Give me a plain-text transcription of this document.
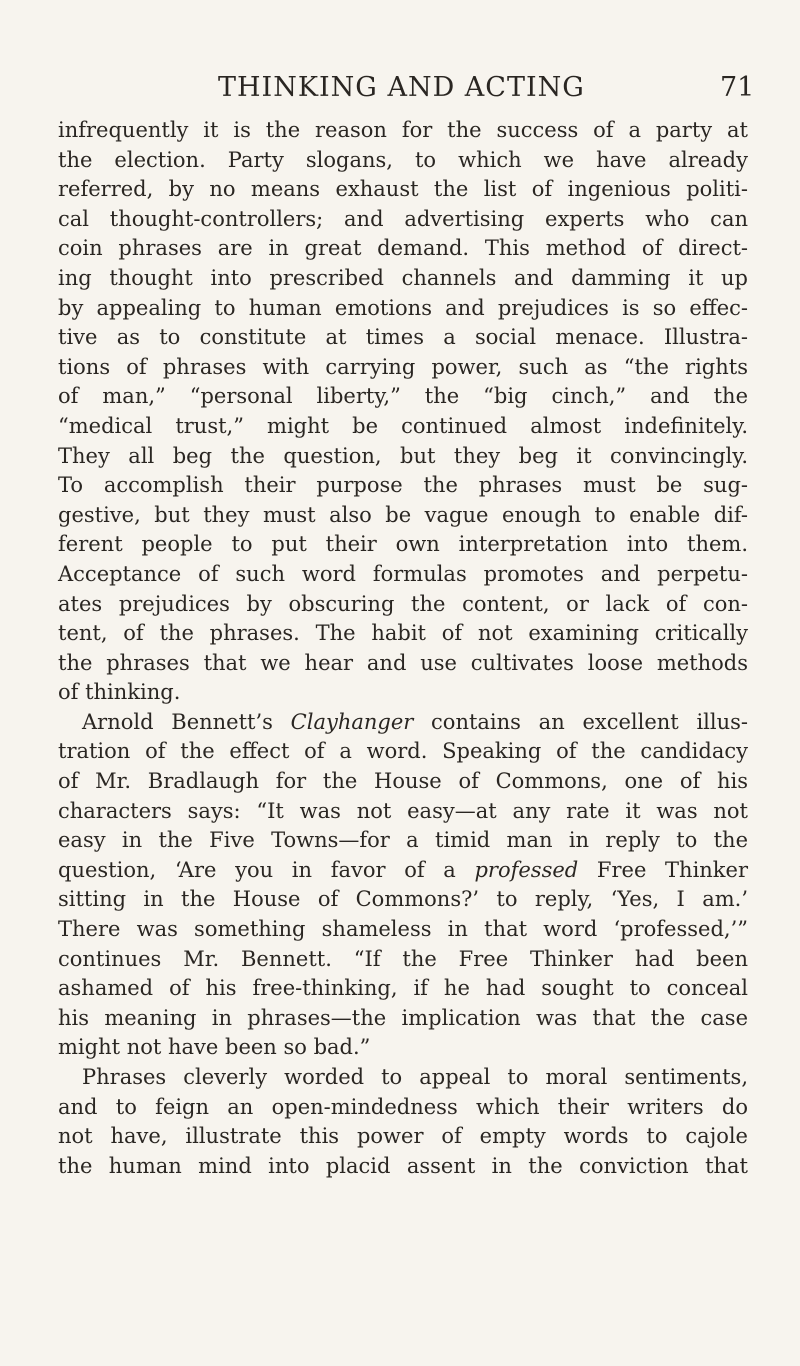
THINKING AND ACTING	71
infrequently it is the reason for the success of a party at
the election. Party slogans, to which we have already
referred, by no means exhaust the list of ingenious politi-
cal thought-controllers; and advertising experts who can
coin phrases are in great demand. This method of direct-
ing thought into prescribed channels and damming it up
by appealing to human emotions and prejudices is so effec-
tive as to constitute at times a social menace. Illustra-
tions of phrases with carrying power, such as “the rights
of man,” “personal liberty,” the “big cinch,” and the
“medical trust,” might be continued almost indefinitely.
They all beg the question, but they beg it convincingly.
To accomplish their purpose the phrases must be sug-
gestive, but they must also be vague enough to enable dif-
ferent people to put their own interpretation into them.
Acceptance of such word formulas promotes and perpetu-
ates prejudices by obscuring the content, or lack of con-
tent, of the phrases. The habit of not examining critically
the phrases that we hear and use cultivates loose methods
of thinking.
Arnold Bennett’s Clayhanger contains an excellent illus-
tration of the effect of a word. Speaking of the candidacy
of Mr. Bradlaugh for the House of Commons, one of his
characters says: “It was not easy—at any rate it was not
easy in the Five Towns—for a timid man in reply to the
question, ‘Are you in favor of a professed Free Thinker
sitting in the House of Commons?’ to reply, ‘Yes, I am.’
There was something shameless in that word ‘professed,’”
continues Mr. Bennett. “If the Free Thinker had been
ashamed of his free-thinking, if he had sought to conceal
his meaning in phrases—the implication was that the case
might not have been so bad.”
Phrases cleverly worded to appeal to moral sentiments,
and to feign an open-mindedness which their writers do
not have, illustrate this power of empty words to cajole
the human mind into placid assent in the conviction that
